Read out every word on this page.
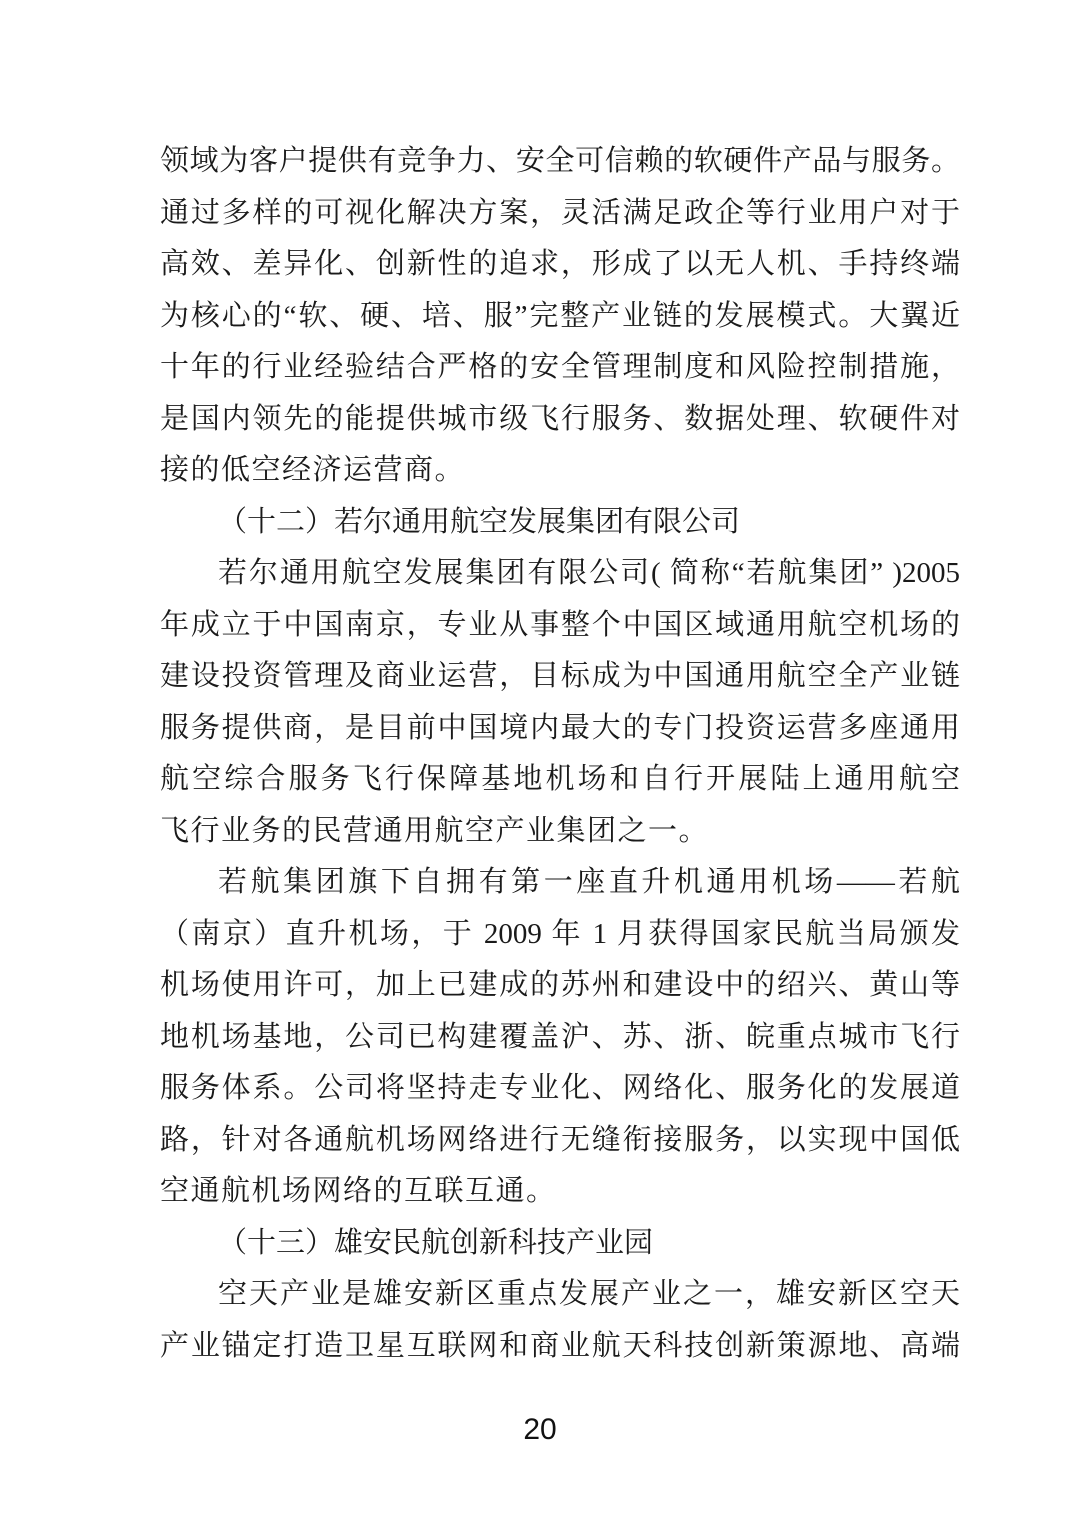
领域为客户提供有竞争力、安全可信赖的软硬件产品与服务。
通过多样的可视化解决方案，灵活满足政企等行业用户对于
高效、差异化、创新性的追求，形成了以无人机、手持终端
为核心的“软、硬、培、服”完整产业链的发展模式。大翼近
十年的行业经验结合严格的安全管理制度和风险控制措施，
是国内领先的能提供城市级飞行服务、数据处理、软硬件对
接的低空经济运营商。
（十二）若尔通用航空发展集团有限公司
若尔通用航空发展集团有限公司( 简称“若航集团” )2005
年成立于中国南京，专业从事整个中国区域通用航空机场的
建设投资管理及商业运营，目标成为中国通用航空全产业链
服务提供商，是目前中国境内最大的专门投资运营多座通用
航空综合服务飞行保障基地机场和自行开展陆上通用航空
飞行业务的民营通用航空产业集团之一。
若航集团旗下自拥有第一座直升机通用机场——若航
（南京）直升机场，于 2009 年 1 月获得国家民航当局颁发
机场使用许可，加上已建成的苏州和建设中的绍兴、黄山等
地机场基地，公司已构建覆盖沪、苏、浙、皖重点城市飞行
服务体系。公司将坚持走专业化、网络化、服务化的发展道
路，针对各通航机场网络进行无缝衔接服务，以实现中国低
空通航机场网络的互联互通。
（十三）雄安民航创新科技产业园
空天产业是雄安新区重点发展产业之一，雄安新区空天
产业锚定打造卫星互联网和商业航天科技创新策源地、高端
20
